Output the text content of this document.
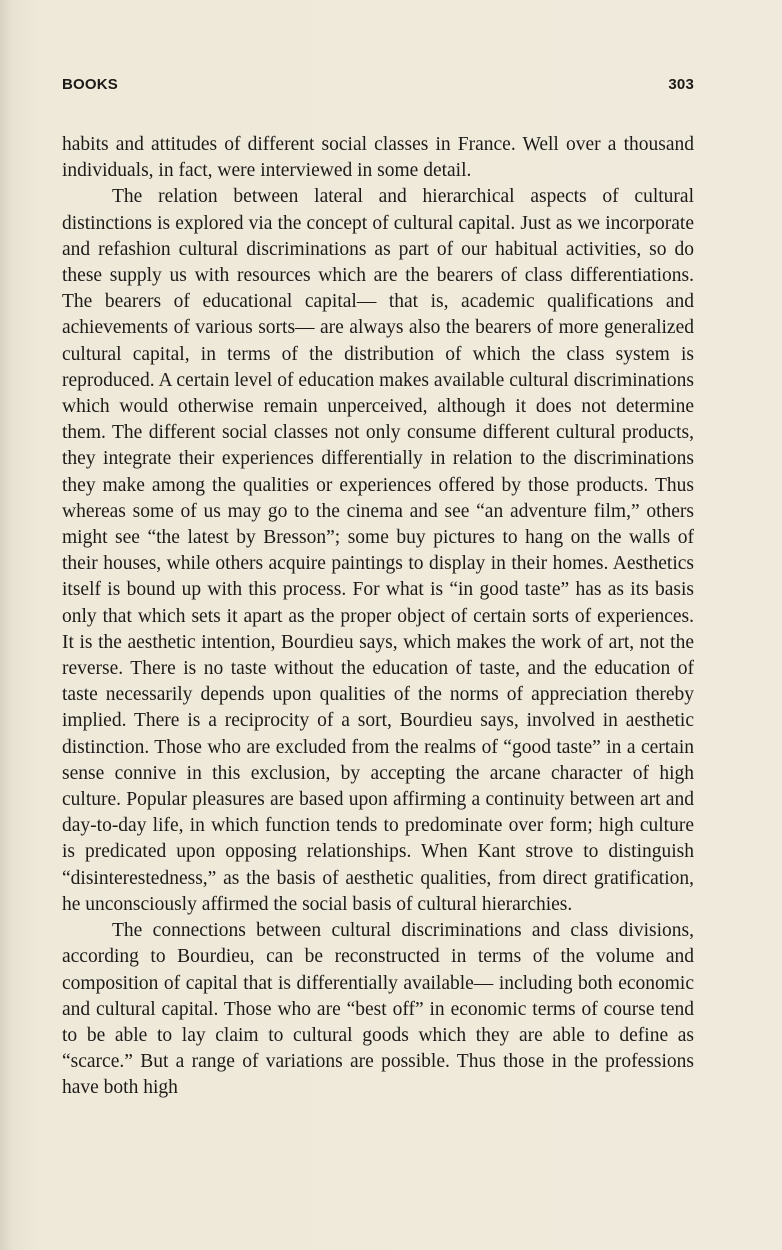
BOOKS	303

habits and attitudes of different social classes in France. Well over a thousand individuals, in fact, were interviewed in some detail.

The relation between lateral and hierarchical aspects of cultural distinctions is explored via the concept of cultural capital. Just as we incorporate and refashion cultural discriminations as part of our habitual activities, so do these supply us with resources which are the bearers of class differentiations. The bearers of educational capital— that is, academic qualifications and achievements of various sorts— are always also the bearers of more generalized cultural capital, in terms of the distribution of which the class system is reproduced. A certain level of education makes available cultural discriminations which would otherwise remain unperceived, although it does not determine them. The different social classes not only consume different cultural products, they integrate their experiences differentially in relation to the discriminations they make among the qualities or experiences offered by those products. Thus whereas some of us may go to the cinema and see “an adventure film,” others might see “the latest by Bresson”; some buy pictures to hang on the walls of their houses, while others acquire paintings to display in their homes. Aesthetics itself is bound up with this process. For what is “in good taste” has as its basis only that which sets it apart as the proper object of certain sorts of experiences. It is the aesthetic intention, Bourdieu says, which makes the work of art, not the reverse. There is no taste without the education of taste, and the education of taste necessarily depends upon qualities of the norms of appreciation thereby implied. There is a reciprocity of a sort, Bourdieu says, involved in aesthetic distinction. Those who are excluded from the realms of “good taste” in a certain sense connive in this exclusion, by accepting the arcane character of high culture. Popular pleasures are based upon affirming a continuity between art and day-to-day life, in which function tends to predominate over form; high culture is predicated upon opposing relationships. When Kant strove to distinguish “disinterestedness,” as the basis of aesthetic qualities, from direct gratification, he unconsciously affirmed the social basis of cultural hierarchies.

The connections between cultural discriminations and class divisions, according to Bourdieu, can be reconstructed in terms of the volume and composition of capital that is differentially available— including both economic and cultural capital. Those who are “best off” in economic terms of course tend to be able to lay claim to cultural goods which they are able to define as “scarce.” But a range of variations are possible. Thus those in the professions have both high
